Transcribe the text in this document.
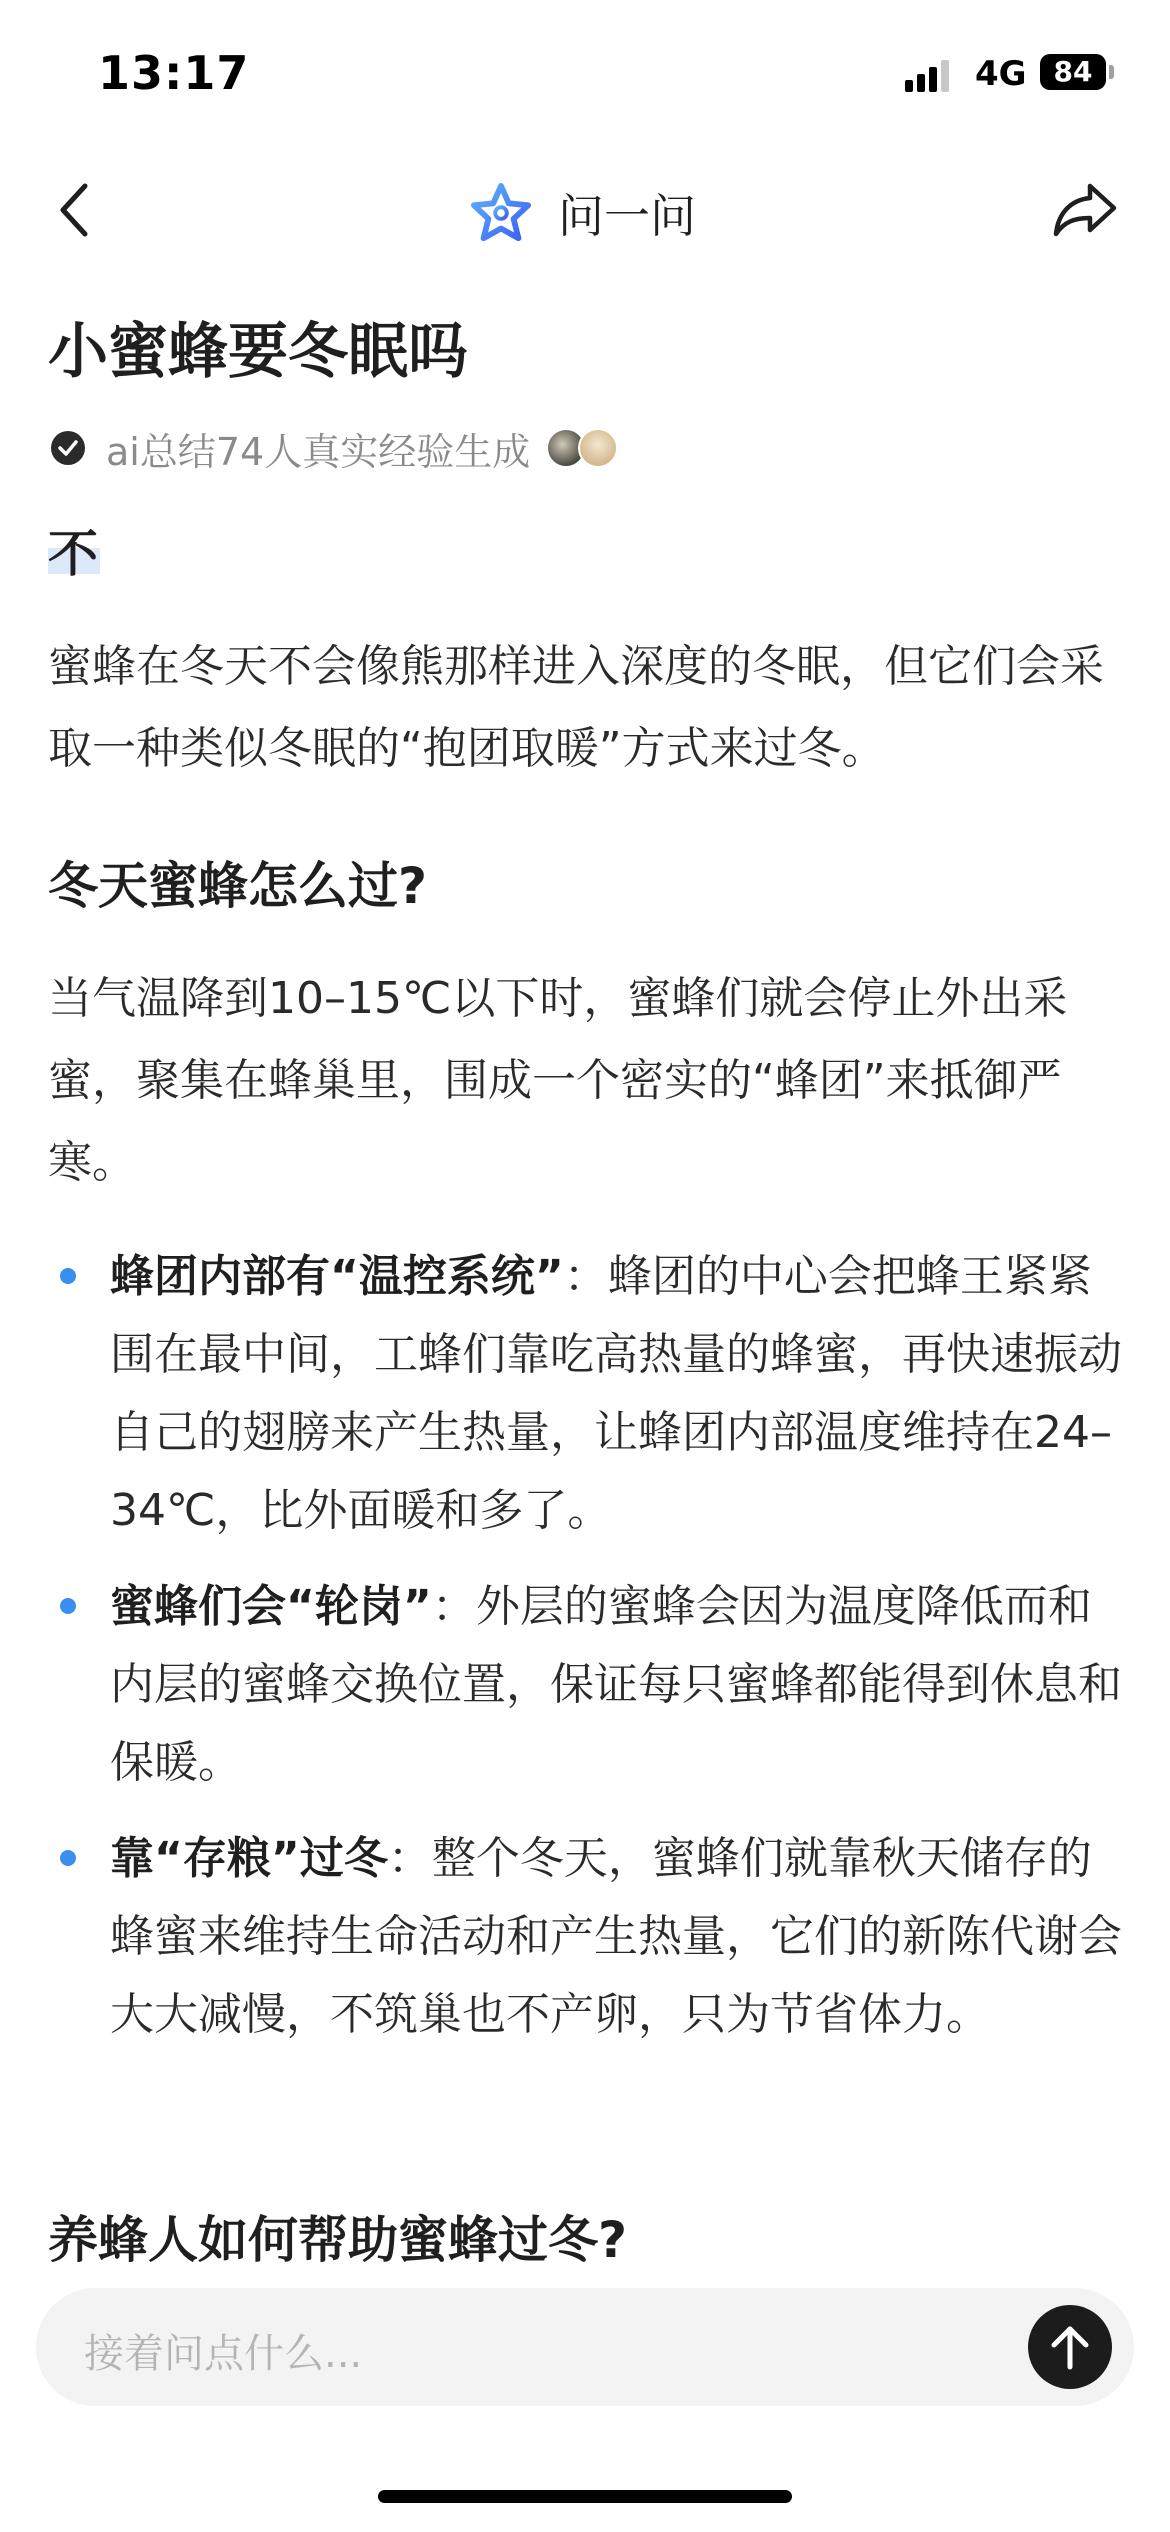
13:17	4G 84
问一问
小蜜蜂要冬眠吗
ai总结74人真实经验生成
不
蜜蜂在冬天不会像熊那样进入深度的冬眠，但它们会采取一种类似冬眠的“抱团取暖”方式来过冬。
冬天蜜蜂怎么过?
当气温降到10–15℃以下时，蜜蜂们就会停止外出采蜜，聚集在蜂巢里，围成一个密实的“蜂团”来抵御严寒。
蜂团内部有“温控系统”：蜂团的中心会把蜂王紧紧围在最中间，工蜂们靠吃高热量的蜂蜜，再快速振动自己的翅膀来产生热量，让蜂团内部温度维持在24–34℃，比外面暖和多了。
蜜蜂们会“轮岗”：外层的蜜蜂会因为温度降低而和内层的蜜蜂交换位置，保证每只蜜蜂都能得到休息和保暖。
靠“存粮”过冬：整个冬天，蜜蜂们就靠秋天储存的蜂蜜来维持生命活动和产生热量，它们的新陈代谢会大大减慢，不筑巢也不产卵，只为节省体力。
养蜂人如何帮助蜜蜂过冬?
接着问点什么...
